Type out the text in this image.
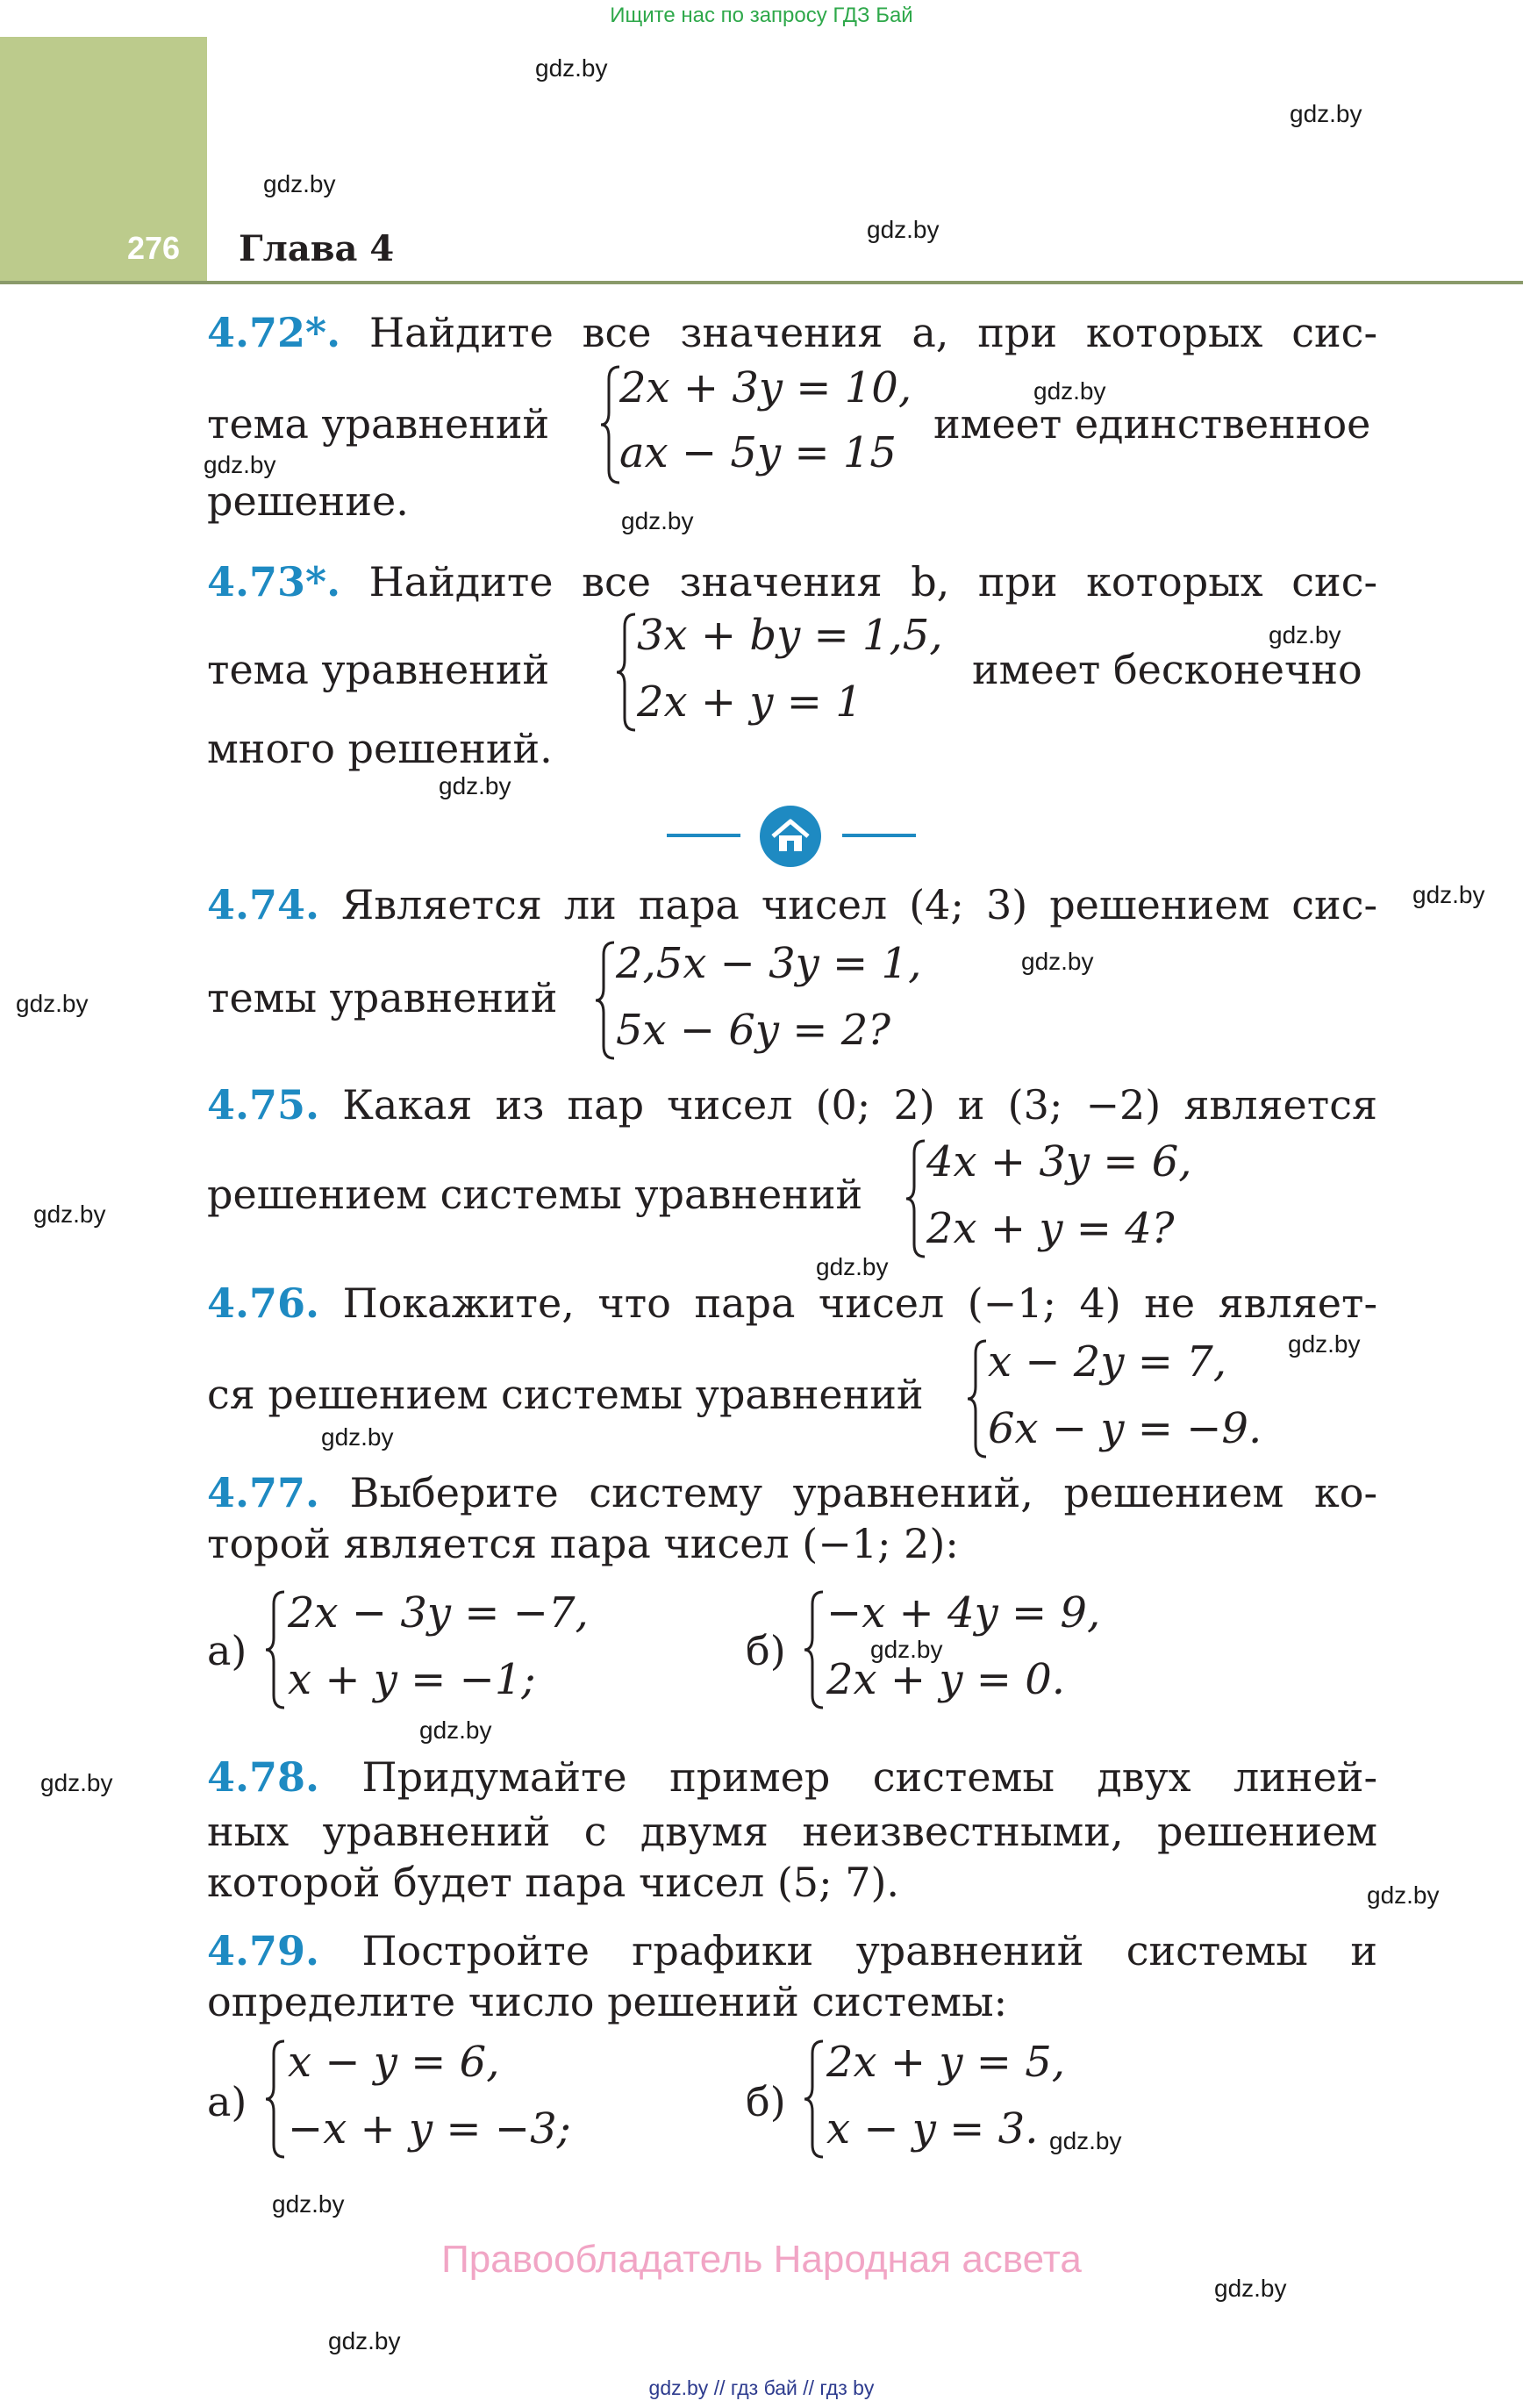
Ищите нас по запросу ГДЗ Бай
276 Глава 4
4.72*. Найдите все значения a, при которых сис-
тема уравнений
2x + 3y = 10,
ax − 5y = 15
имеет единственное
решение.
4.73*. Найдите все значения b, при которых сис-
тема уравнений
3x + by = 1,5,
2x + y = 1
имеет бесконечно
много решений.
4.74. Является ли пара чисел (4; 3) решением сис-
темы уравнений
2,5x − 3y = 1,
5x − 6y = 2?
4.75. Какая из пар чисел (0; 2) и (3; −2) является
решением системы уравнений
4x + 3y = 6,
2x + y = 4?
4.76. Покажите, что пара чисел (−1; 4) не являет-
ся решением системы уравнений
x − 2y = 7,
6x − y = −9.
4.77. Выберите систему уравнений, решением ко-
торой является пара чисел (−1; 2):
а)
2x − 3y = −7,
x + y = −1;
б)
−x + 4y = 9,
2x + y = 0.
4.78. Придумайте пример системы двух линей-
ных уравнений с двумя неизвестными, решением
которой будет пара чисел (5; 7).
4.79. Постройте графики уравнений системы и
определите число решений системы:
а)
x − y = 6,
−x + y = −3;
б)
2x + y = 5,
x − y = 3.
Правообладатель Народная асвета
gdz.by // гдз бай // гдз by
gdz.by
gdz.by
gdz.by
gdz.by
gdz.by
gdz.by
gdz.by
gdz.by
gdz.by
gdz.by
gdz.by
gdz.by
gdz.by
gdz.by
gdz.by
gdz.by
gdz.by
gdz.by
gdz.by
gdz.by
gdz.by
gdz.by
gdz.by
gdz.by
